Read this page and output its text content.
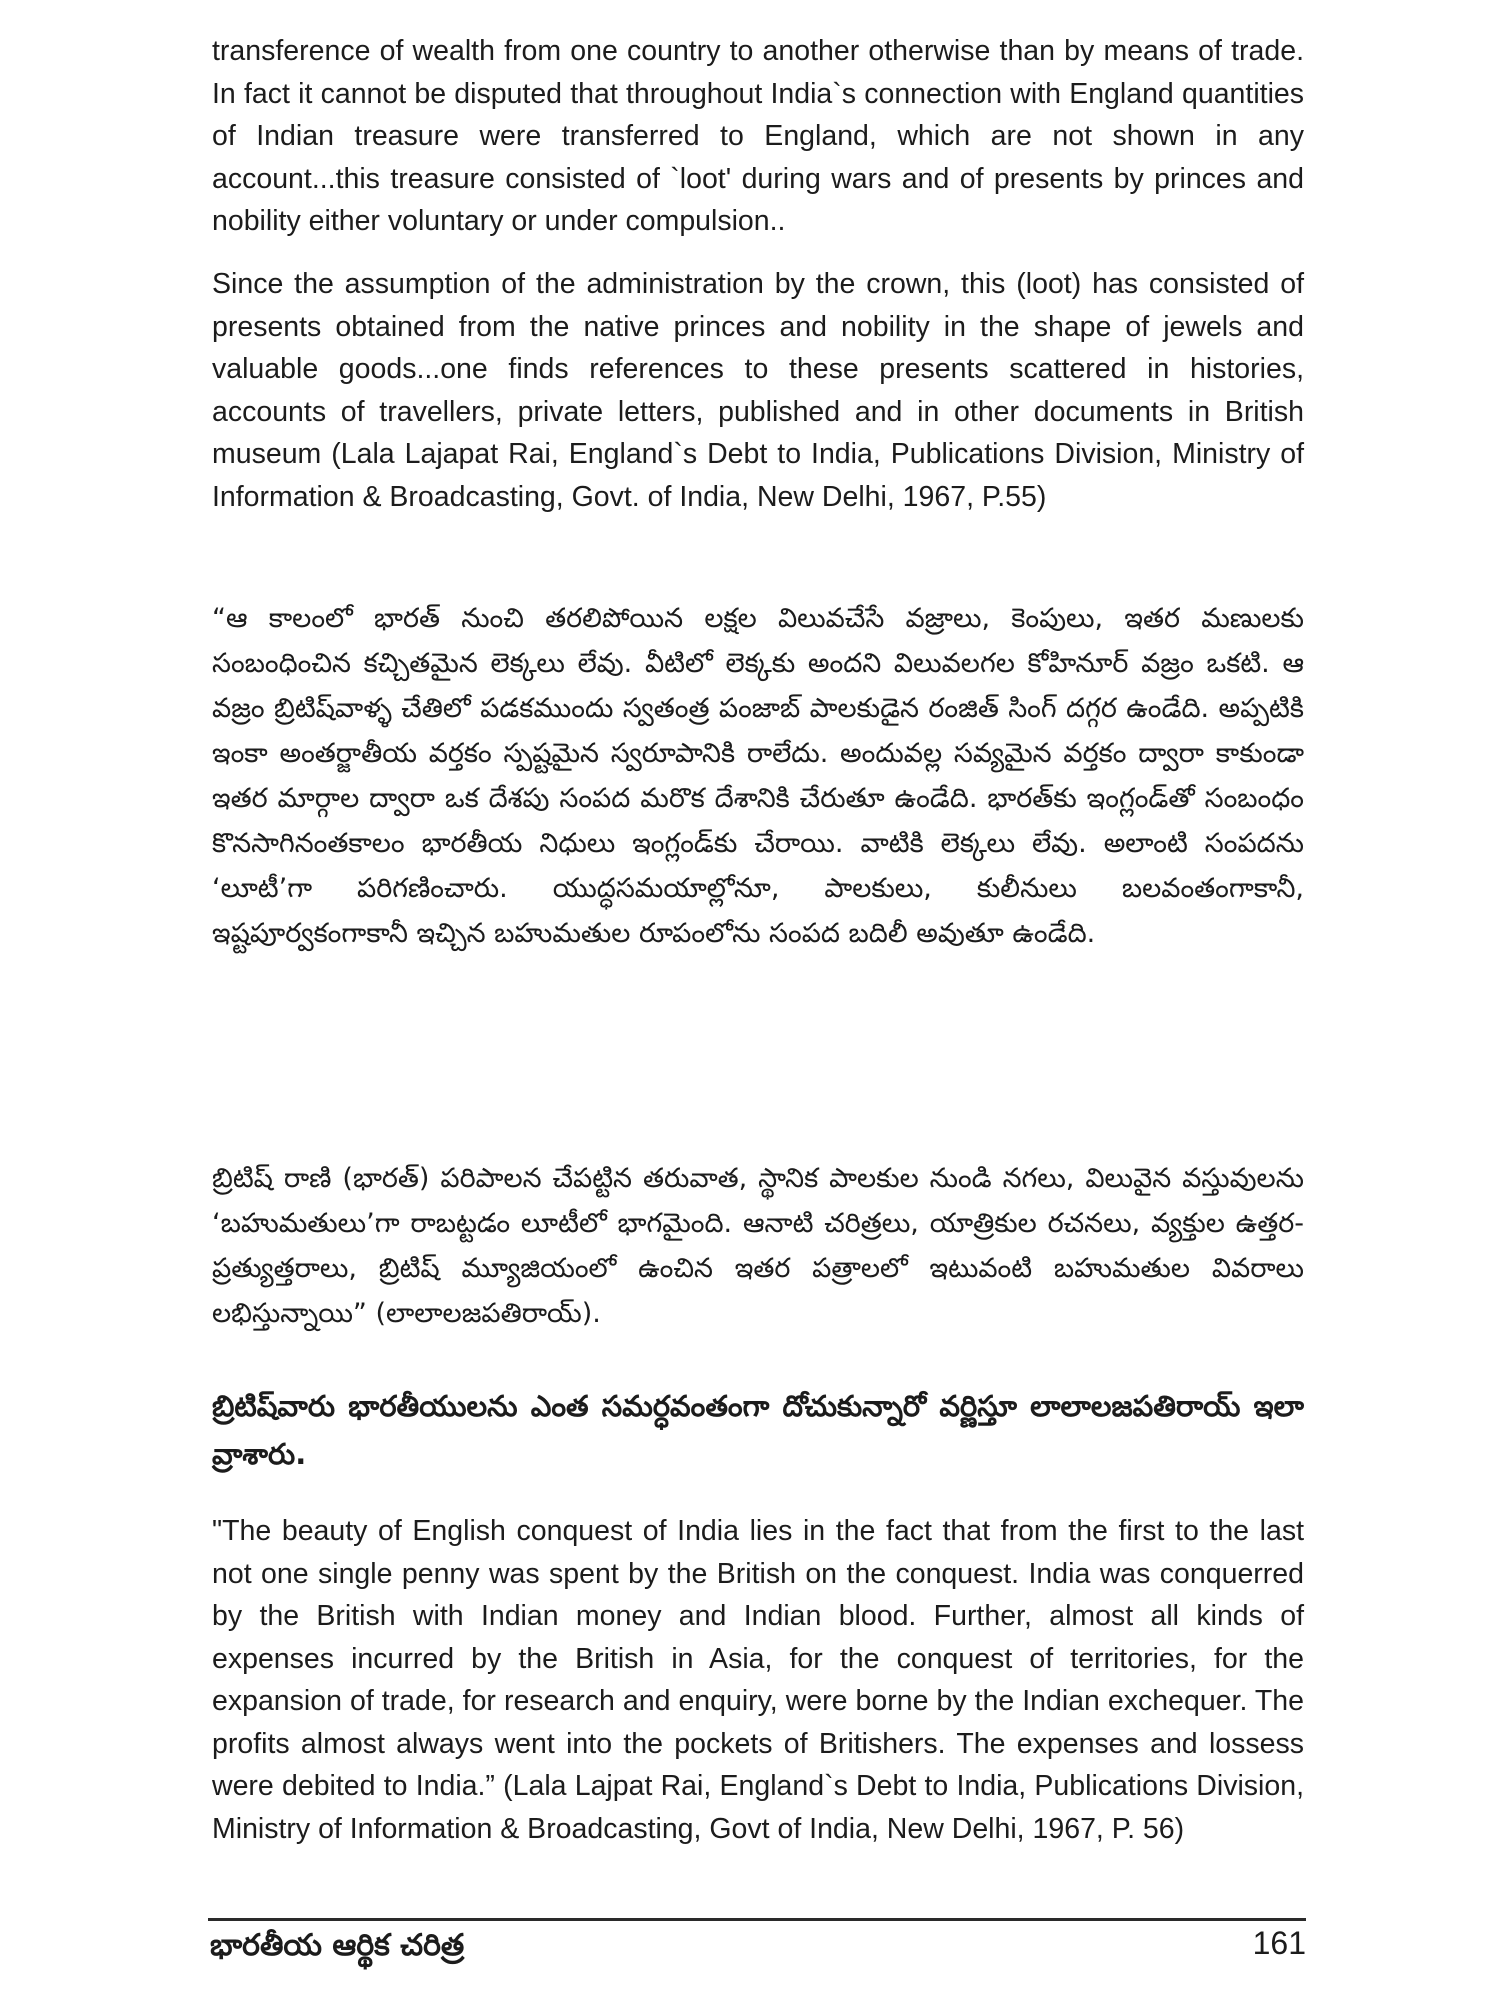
transference of wealth from one country to another otherwise than by means of trade. In fact it cannot be disputed that throughout India`s connection with England quantities of Indian treasure were transferred to England, which are not shown in any account...this treasure consisted of `loot' during wars and of presents by princes and nobility either voluntary or under compulsion..

Since the assumption of the administration by the crown, this (loot) has consisted of presents obtained from the native princes and nobility in the shape of jewels and valuable goods...one finds references to these presents scattered in histories, accounts of travellers, private letters, published and in other documents in British museum (Lala Lajapat Rai, England`s Debt to India, Publications Division, Ministry of Information & Broadcasting, Govt. of India, New Delhi, 1967, P.55)

“ఆ కాలంలో భారత్ నుంచి తరలిపోయిన లక్షల విలువచేసే వజ్రాలు, కెంపులు, ఇతర మణులకు సంబంధించిన కచ్చితమైన లెక్కలు లేవు. వీటిలో లెక్కకు అందని విలువలగల కోహినూర్ వజ్రం ఒకటి. ఆ వజ్రం బ్రిటిష్‌వాళ్ళ చేతిలో పడకముందు స్వతంత్ర పంజాబ్ పాలకుడైన రంజిత్ సింగ్ దగ్గర ఉండేది. అప్పటికి ఇంకా అంతర్జాతీయ వర్తకం స్పష్టమైన స్వరూపానికి రాలేదు. అందువల్ల సవ్యమైన వర్తకం ద్వారా కాకుండా ఇతర మార్గాల ద్వారా ఒక దేశపు సంపద మరొక దేశానికి చేరుతూ ఉండేది. భారత్‌కు ఇంగ్లండ్‌తో సంబంధం కొనసాగినంతకాలం భారతీయ నిధులు ఇంగ్లండ్‌కు చేరాయి. వాటికి లెక్కలు లేవు. అలాంటి సంపదను ‘లూటీ’గా పరిగణించారు. యుద్ధసమయాల్లోనూ, పాలకులు, కులీనులు బలవంతంగాకానీ, ఇష్టపూర్వకంగాకానీ ఇచ్చిన బహుమతుల రూపంలోను సంపద బదిలీ అవుతూ ఉండేది.

బ్రిటిష్ రాణి (భారత్) పరిపాలన చేపట్టిన తరువాత, స్థానిక పాలకుల నుండి నగలు, విలువైన వస్తువులను ‘బహుమతులు’గా రాబట్టడం లూటీలో భాగమైంది. ఆనాటి చరిత్రలు, యాత్రికుల రచనలు, వ్యక్తుల ఉత్తర-ప్రత్యుత్తరాలు, బ్రిటిష్ మ్యూజియంలో ఉంచిన ఇతర పత్రాలలో ఇటువంటి బహుమతుల వివరాలు లభిస్తున్నాయి” (లాలాలజపతిరాయ్).

బ్రిటిష్‌వారు భారతీయులను ఎంత సమర్ధవంతంగా దోచుకున్నారో వర్ణిస్తూ లాలాలజపతిరాయ్ ఇలా వ్రాశారు.

"The beauty of English conquest of India lies in the fact that from the first to the last not one single penny was spent by the British on the conquest. India was conquerred by the British with Indian money and Indian blood. Further, almost all kinds of expenses incurred by the British in Asia, for the conquest of territories, for the expansion of trade, for research and enquiry, were borne by the Indian exchequer. The profits almost always went into the pockets of Britishers. The expenses and lossess were debited to India.” (Lala Lajpat Rai, England`s Debt to India, Publications Division, Ministry of Information & Broadcasting, Govt of India, New Delhi, 1967, P. 56)

భారతీయ ఆర్థిక చరిత్ర	161
